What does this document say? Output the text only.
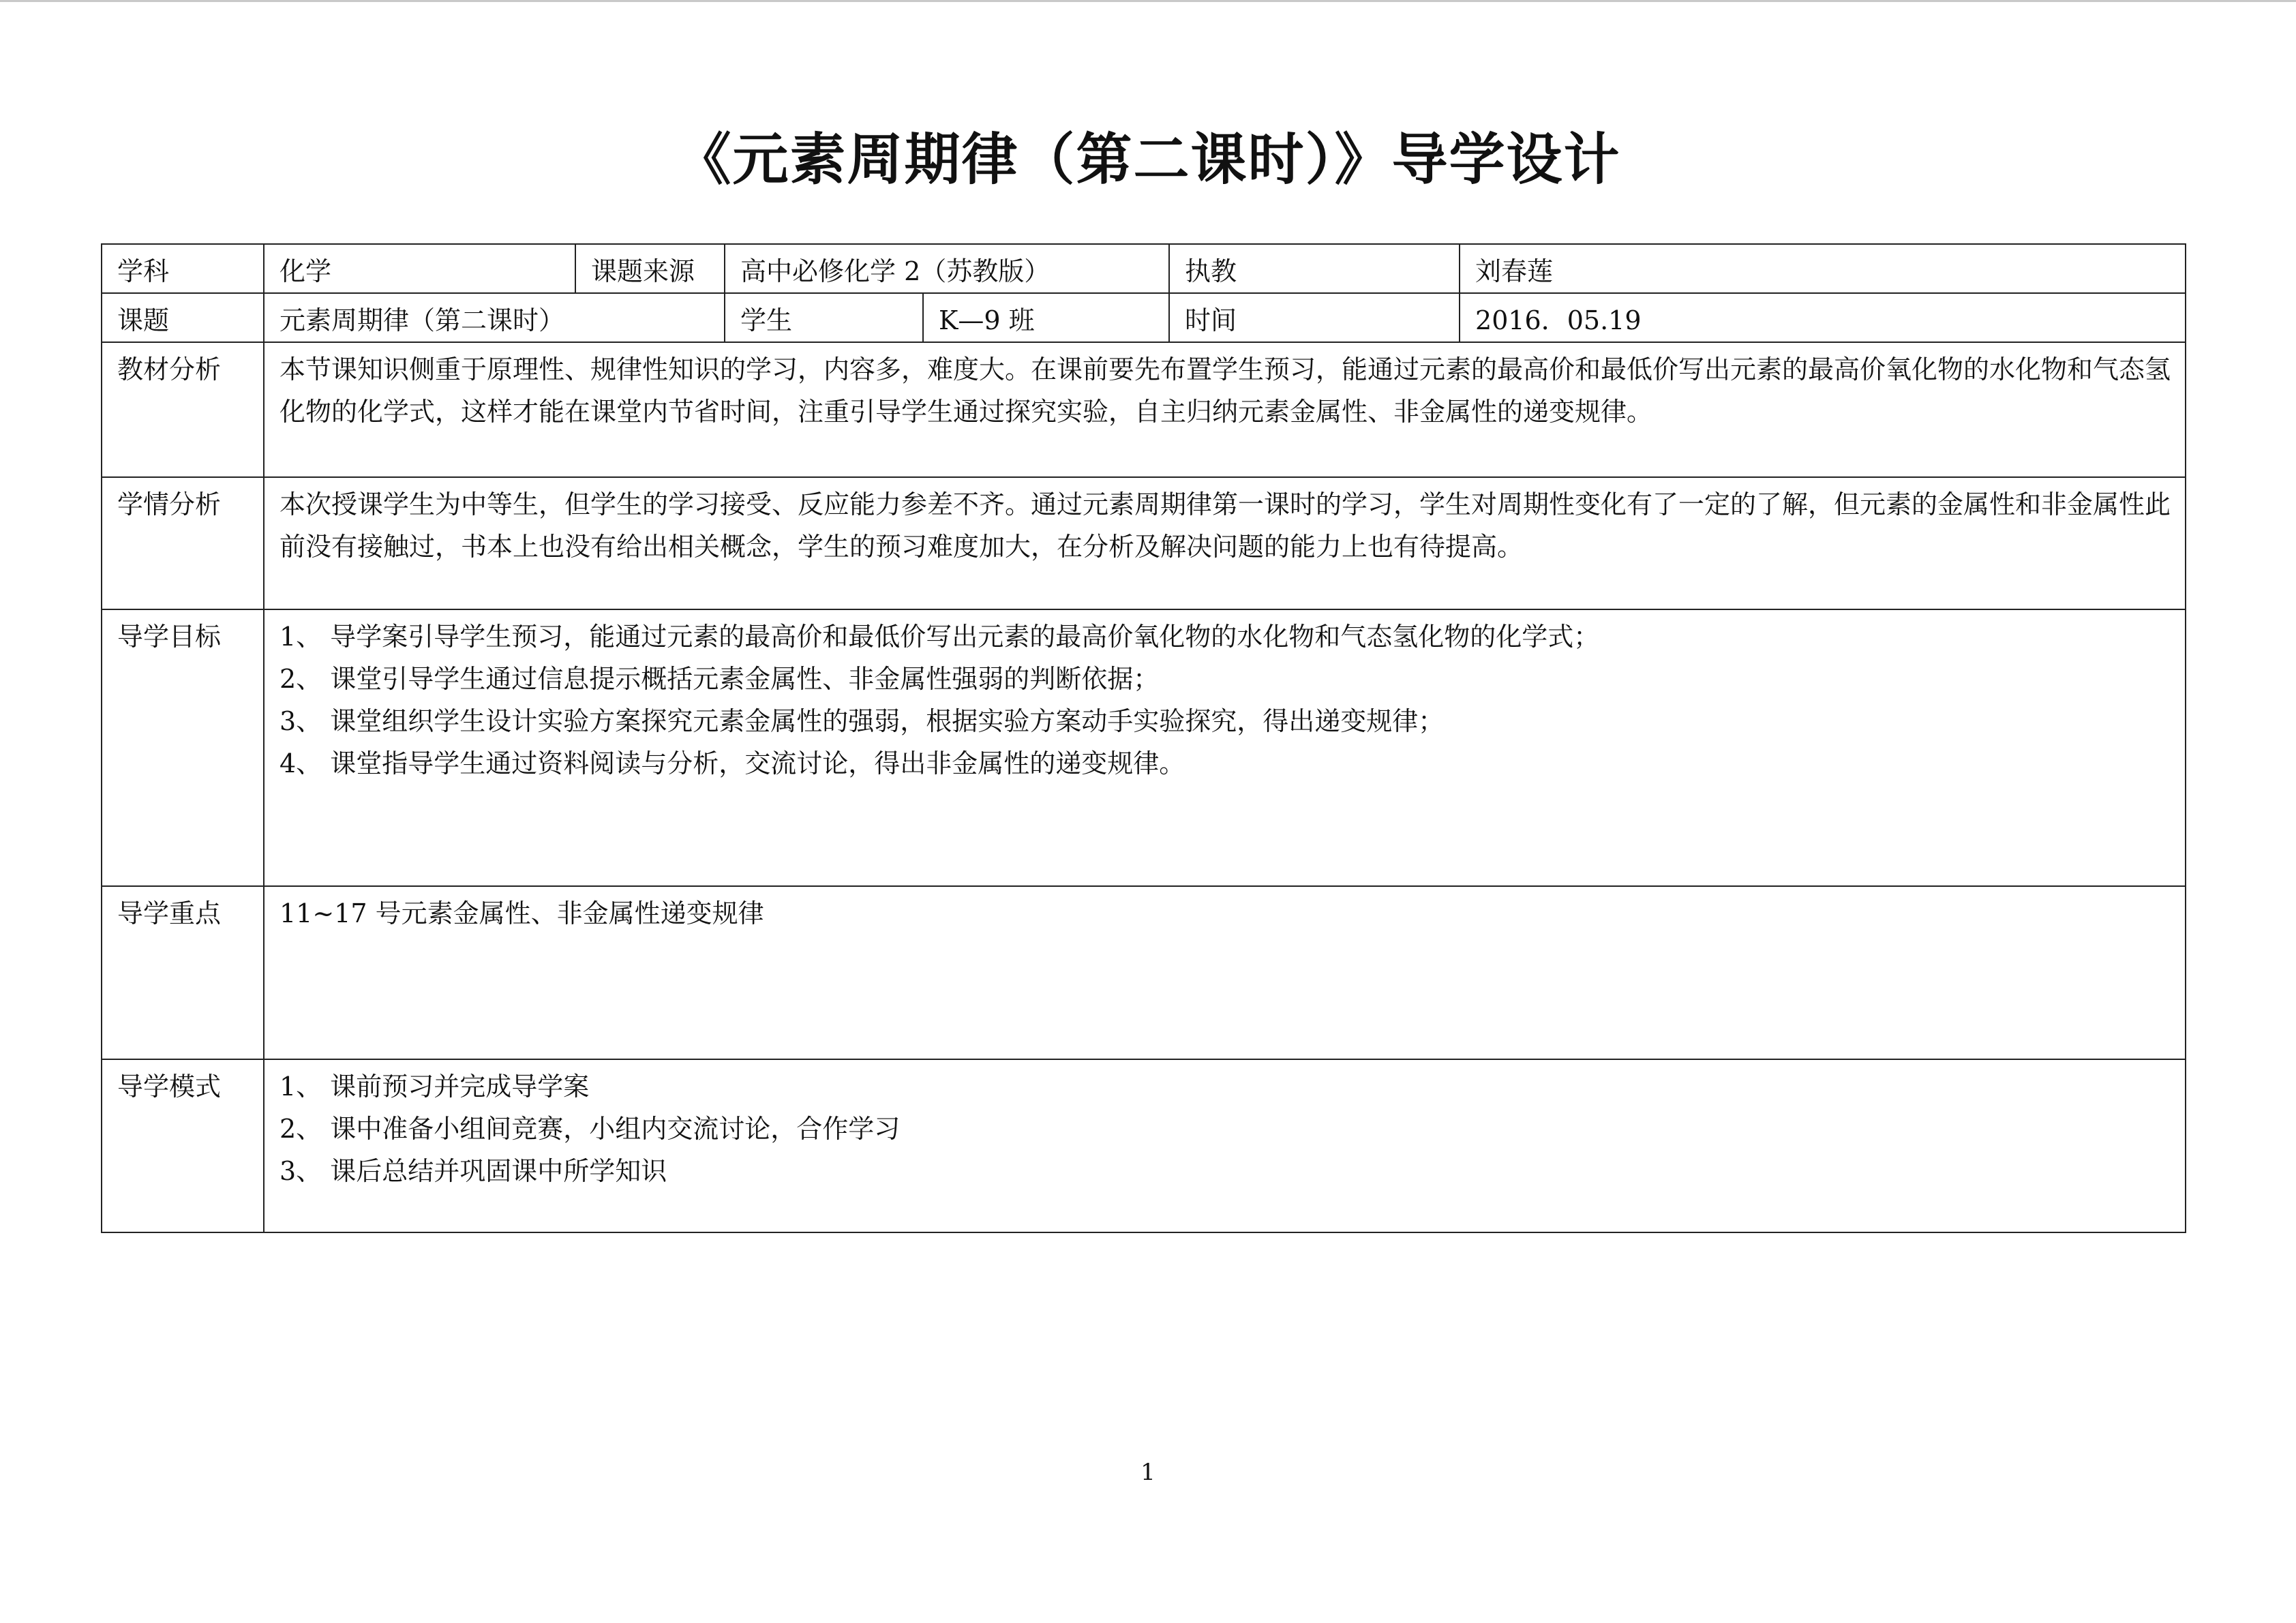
《元素周期律（第二课时）》导学设计
学科	化学	课题来源	高中必修化学 2（苏教版）		执教	刘春莲
课题	元素周期律（第二课时）		学生	K—9 班	时间	2016．05.19
教材分析	本节课知识侧重于原理性、规律性知识的学习，内容多，难度大。在课前要先布置学生预习，能通过元素的最高价和最低价写出元素的最高价氧化物的水化物和气态氢化物的化学式，这样才能在课堂内节省时间，注重引导学生通过探究实验，自主归纳元素金属性、非金属性的递变规律。					
学情分析	本次授课学生为中等生，但学生的学习接受、反应能力参差不齐。通过元素周期律第一课时的学习，学生对周期性变化有了一定的了解，但元素的金属性和非金属性此前没有接触过，书本上也没有给出相关概念，学生的预习难度加大，在分析及解决问题的能力上也有待提高。					
导学目标	1、 导学案引导学生预习，能通过元素的最高价和最低价写出元素的最高价氧化物的水化物和气态氢化物的化学式；
2、 课堂引导学生通过信息提示概括元素金属性、非金属性强弱的判断依据；
3、 课堂组织学生设计实验方案探究元素金属性的强弱，根据实验方案动手实验探究，得出递变规律；
4、 课堂指导学生通过资料阅读与分析，交流讨论，得出非金属性的递变规律。					

导学重点	11~17 号元素金属性、非金属性递变规律					
导学模式	1、 课前预习并完成导学案
2、 课中准备小组间竞赛，小组内交流讨论，合作学习
3、 课后总结并巩固课中所学知识					
1
